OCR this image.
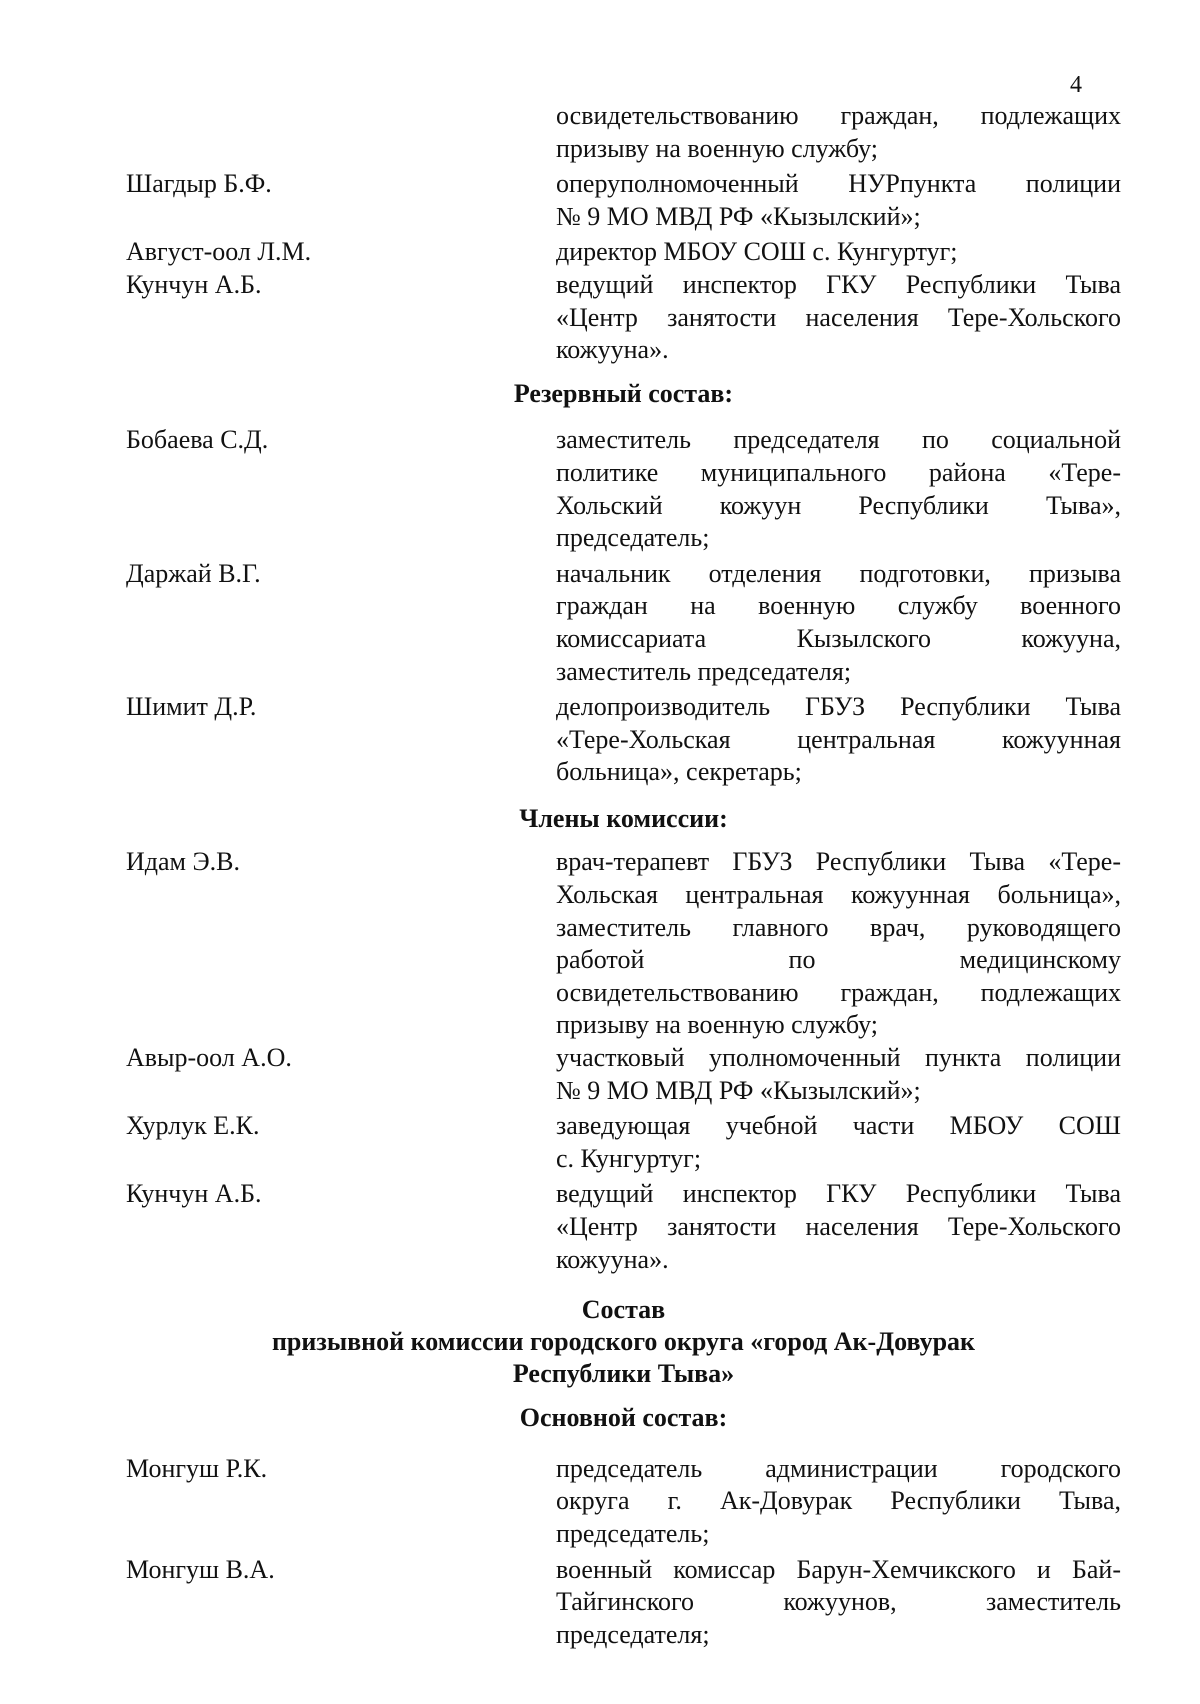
4
освидетельствованию граждан, подлежащих
призыву на военную службу;
Шагдыр Б.Ф.	оперуполномоченный НУРпункта полиции
№ 9 МО МВД РФ «Кызылский»;
Август-оол Л.М.	директор МБОУ СОШ с. Кунгуртуг;
Кунчун А.Б.	ведущий инспектор ГКУ Республики Тыва
«Центр занятости населения Тере-Хольского
кожууна».
Резервный состав:
Бобаева С.Д.	заместитель председателя по социальной
политике муниципального района «Тере-
Хольский кожуун Республики Тыва»,
председатель;
Даржай В.Г.	начальник отделения подготовки, призыва
граждан на военную службу военного
комиссариата Кызылского кожууна,
заместитель председателя;
Шимит Д.Р.	делопроизводитель ГБУЗ Республики Тыва
«Тере-Хольская центральная кожуунная
больница», секретарь;
Члены комиссии:
Идам Э.В.	врач-терапевт ГБУЗ Республики Тыва «Тере-
Хольская центральная кожуунная больница»,
заместитель главного врач, руководящего
работой по медицинскому
освидетельствованию граждан, подлежащих
призыву на военную службу;
Авыр-оол А.О.	участковый уполномоченный пункта полиции
№ 9 МО МВД РФ «Кызылский»;
Хурлук Е.К.	заведующая учебной части МБОУ СОШ
с. Кунгуртуг;
Кунчун А.Б.	ведущий инспектор ГКУ Республики Тыва
«Центр занятости населения Тере-Хольского
кожууна».
Состав
призывной комиссии городского округа «город Ак-Довурак
Республики Тыва»
Основной состав:
Монгуш Р.К.	председатель администрации городского
округа г. Ак-Довурак Республики Тыва,
председатель;
Монгуш В.А.	военный комиссар Барун-Хемчикского и Бай-
Тайгинского кожуунов, заместитель
председателя;
